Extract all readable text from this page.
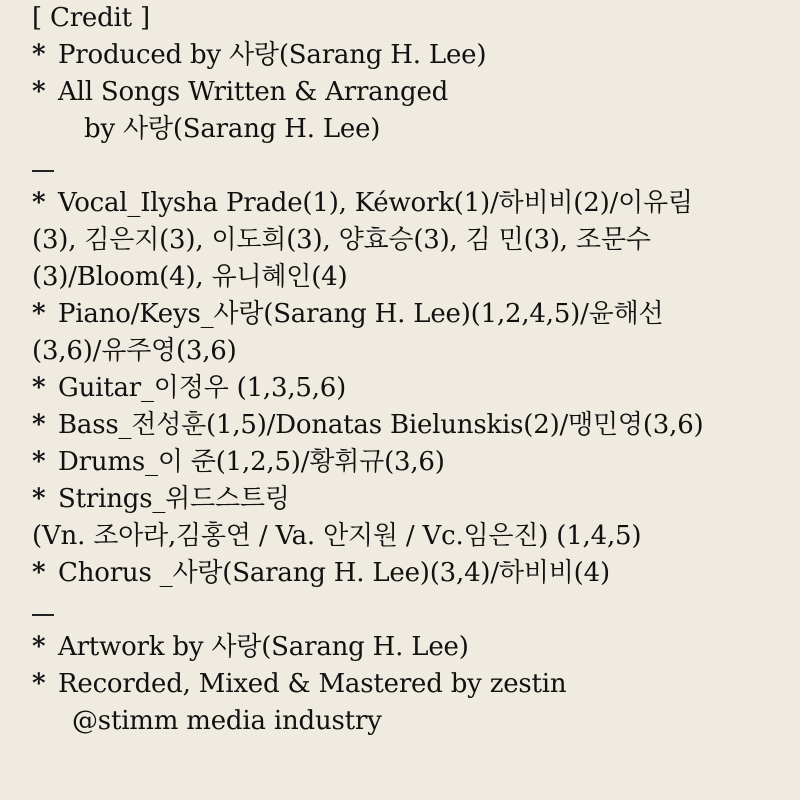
[ Credit ]
* Produced by 사랑(Sarang H. Lee)
* All Songs Written & Arranged
by 사랑(Sarang H. Lee)
* Vocal_Ilysha Prade(1), Kéwork(1)/하비비(2)/이유림
(3), 김은지(3), 이도희(3), 양효승(3), 김 민(3), 조문수
(3)/Bloom(4), 유니혜인(4)
* Piano/Keys_사랑(Sarang H. Lee)(1,2,4,5)/윤해선
(3,6)/유주영(3,6)
* Guitar_이정우 (1,3,5,6)
* Bass_전성훈(1,5)/Donatas Bielunskis(2)/맹민영(3,6)
* Drums_이 준(1,2,5)/황휘규(3,6)
* Strings_위드스트링
(Vn. 조아라,김홍연 / Va. 안지원 / Vc.임은진) (1,4,5)
* Chorus _사랑(Sarang H. Lee)(3,4)/하비비(4)
* Artwork by 사랑(Sarang H. Lee)
* Recorded, Mixed & Mastered by zestin
@stimm media industry
